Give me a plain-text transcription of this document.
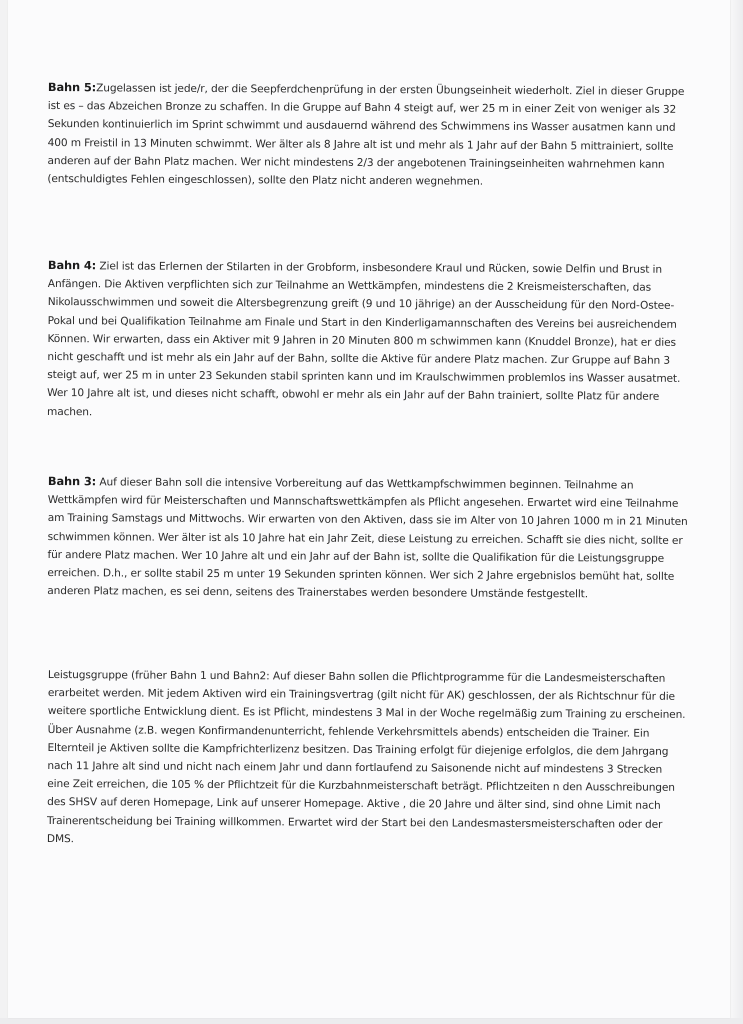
Bahn 5:Zugelassen ist jede/r, der die Seepferdchenprüfung in der ersten Übungseinheit wiederholt. Ziel in dieser Gruppe ist es – das Abzeichen Bronze zu schaffen. In die Gruppe auf Bahn 4 steigt auf, wer 25 m in einer Zeit von weniger als 32 Sekunden kontinuierlich im Sprint schwimmt und ausdauernd während des Schwimmens ins Wasser ausatmen kann und 400 m Freistil in 13 Minuten schwimmt. Wer älter als 8 Jahre alt ist und mehr als 1 Jahr auf der Bahn 5 mittrainiert, sollte anderen auf der Bahn Platz machen. Wer nicht mindestens 2/3 der angebotenen Trainingseinheiten wahrnehmen kann (entschuldigtes Fehlen eingeschlossen), sollte den Platz nicht anderen wegnehmen.

Bahn 4: Ziel ist das Erlernen der Stilarten in der Grobform, insbesondere Kraul und Rücken, sowie Delfin und Brust in Anfängen. Die Aktiven verpflichten sich zur Teilnahme an Wettkämpfen, mindestens die 2 Kreismeisterschaften, das Nikolausschwimmen und soweit die Altersbegrenzung greift (9 und 10 jährige) an der Ausscheidung für den Nord-Ostee-Pokal und bei Qualifikation Teilnahme am Finale und Start in den Kinderligamannschaften des Vereins bei ausreichendem Können. Wir erwarten, dass ein Aktiver mit 9 Jahren in 20 Minuten 800 m schwimmen kann (Knuddel Bronze), hat er dies nicht geschafft und ist mehr als ein Jahr auf der Bahn, sollte die Aktive für andere Platz machen. Zur Gruppe auf Bahn 3 steigt auf, wer 25 m in unter 23 Sekunden stabil sprinten kann und im Kraulschwimmen problemlos ins Wasser ausatmet. Wer 10 Jahre alt ist, und dieses nicht schafft, obwohl er mehr als ein Jahr auf der Bahn trainiert, sollte Platz für andere machen.

Bahn 3: Auf dieser Bahn soll die intensive Vorbereitung auf das Wettkampfschwimmen beginnen. Teilnahme an Wettkämpfen wird für Meisterschaften und Mannschaftswettkämpfen als Pflicht angesehen. Erwartet wird eine Teilnahme am Training Samstags und Mittwochs. Wir erwarten von den Aktiven, dass sie im Alter von 10 Jahren 1000 m in 21 Minuten schwimmen können. Wer älter ist als 10 Jahre hat ein Jahr Zeit, diese Leistung zu erreichen. Schafft sie dies nicht, sollte er für andere Platz machen. Wer 10 Jahre alt und ein Jahr auf der Bahn ist, sollte die Qualifikation für die Leistungsgruppe erreichen. D.h., er sollte stabil 25 m unter 19 Sekunden sprinten können. Wer sich 2 Jahre ergebnislos bemüht hat, sollte anderen Platz machen, es sei denn, seitens des Trainerstabes werden besondere Umstände festgestellt.

Leistugsgruppe (früher Bahn 1 und Bahn2: Auf dieser Bahn sollen die Pflichtprogramme für die Landesmeisterschaften erarbeitet werden. Mit jedem Aktiven wird ein Trainingsvertrag (gilt nicht für AK) geschlossen, der als Richtschnur für die weitere sportliche Entwicklung dient. Es ist Pflicht, mindestens 3 Mal in der Woche regelmäßig zum Training zu erscheinen. Über Ausnahme (z.B. wegen Konfirmandenunterricht, fehlende Verkehrsmittels abends) entscheiden die Trainer. Ein Elternteil je Aktiven sollte die Kampfrichterlizenz besitzen. Das Training erfolgt für diejenige erfolglos, die dem Jahrgang nach 11 Jahre alt sind und nicht nach einem Jahr und dann fortlaufend zu Saisonende nicht auf mindestens 3 Strecken eine Zeit erreichen, die 105 % der Pflichtzeit für die Kurzbahnmeisterschaft beträgt. Pflichtzeiten n den Ausschreibungen des SHSV auf deren Homepage, Link auf unserer Homepage. Aktive , die 20 Jahre und älter sind, sind ohne Limit nach Trainerentscheidung bei Training willkommen. Erwartet wird der Start bei den Landesmastersmeisterschaften oder der DMS.
